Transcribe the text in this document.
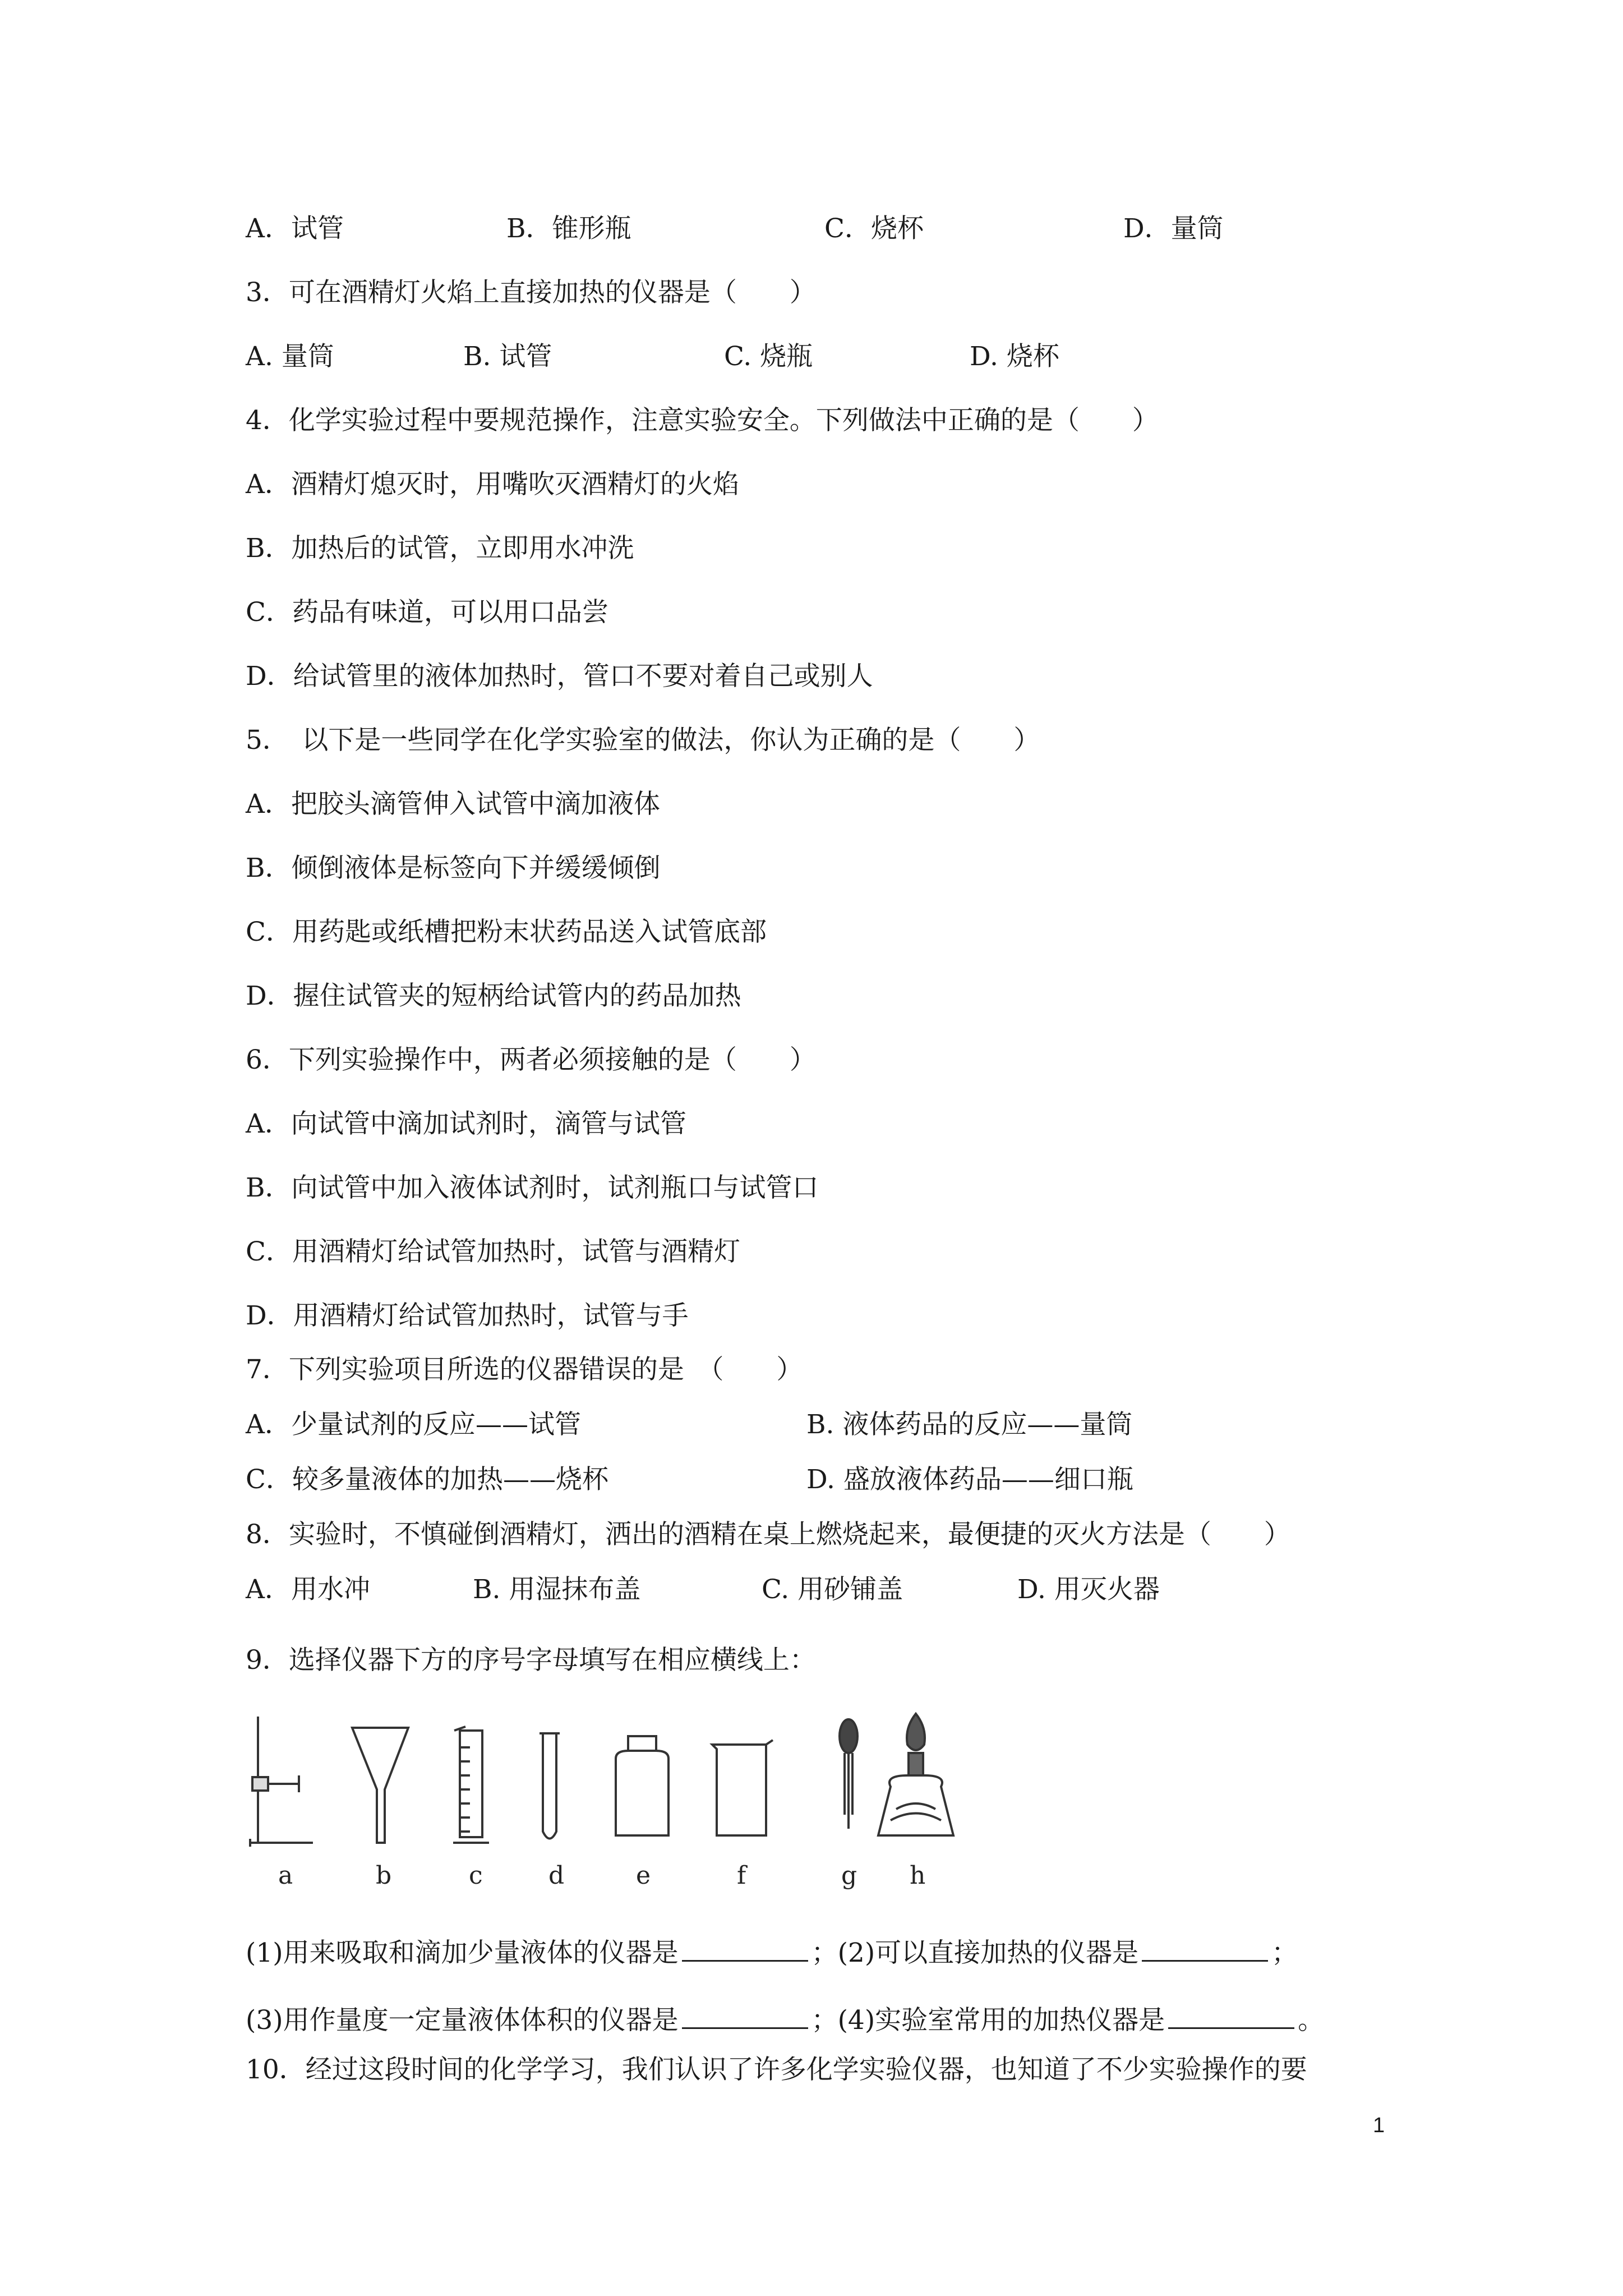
A．试管	B．锥形瓶	C．烧杯	D．量筒
3．可在酒精灯火焰上直接加热的仪器是（　　）
A. 量筒	B. 试管	C. 烧瓶	D. 烧杯
4．化学实验过程中要规范操作，注意实验安全。下列做法中正确的是（　　）
A．酒精灯熄灭时，用嘴吹灭酒精灯的火焰
B．加热后的试管，立即用水冲洗
C．药品有味道，可以用口品尝
D．给试管里的液体加热时，管口不要对着自己或别人
5．　以下是一些同学在化学实验室的做法，你认为正确的是（　　）
A．把胶头滴管伸入试管中滴加液体
B．倾倒液体是标签向下并缓缓倾倒
C．用药匙或纸槽把粉末状药品送入试管底部
D．握住试管夹的短柄给试管内的药品加热
6．下列实验操作中，两者必须接触的是（　　）
A．向试管中滴加试剂时，滴管与试管
B．向试管中加入液体试剂时，试剂瓶口与试管口
C．用酒精灯给试管加热时，试管与酒精灯
D．用酒精灯给试管加热时，试管与手
7．下列实验项目所选的仪器错误的是　（　　）
A．少量试剂的反应——试管	B. 液体药品的反应——量筒
C．较多量液体的加热——烧杯	D. 盛放液体药品——细口瓶
8．实验时，不慎碰倒酒精灯，洒出的酒精在桌上燃烧起来，最便捷的灭火方法是（　　）
A．用水冲	B. 用湿抹布盖	C. 用砂铺盖	D. 用灭火器
9．选择仪器下方的序号字母填写在相应横线上：
a	b	c	d	e	f	g h
(1)用来吸取和滴加少量液体的仪器是	；(2)可以直接加热的仪器是	；
(3)用作量度一定量液体体积的仪器是	；(4)实验室常用的加热仪器是	。
10．经过这段时间的化学学习，我们认识了许多化学实验仪器，也知道了不少实验操作的要
1
